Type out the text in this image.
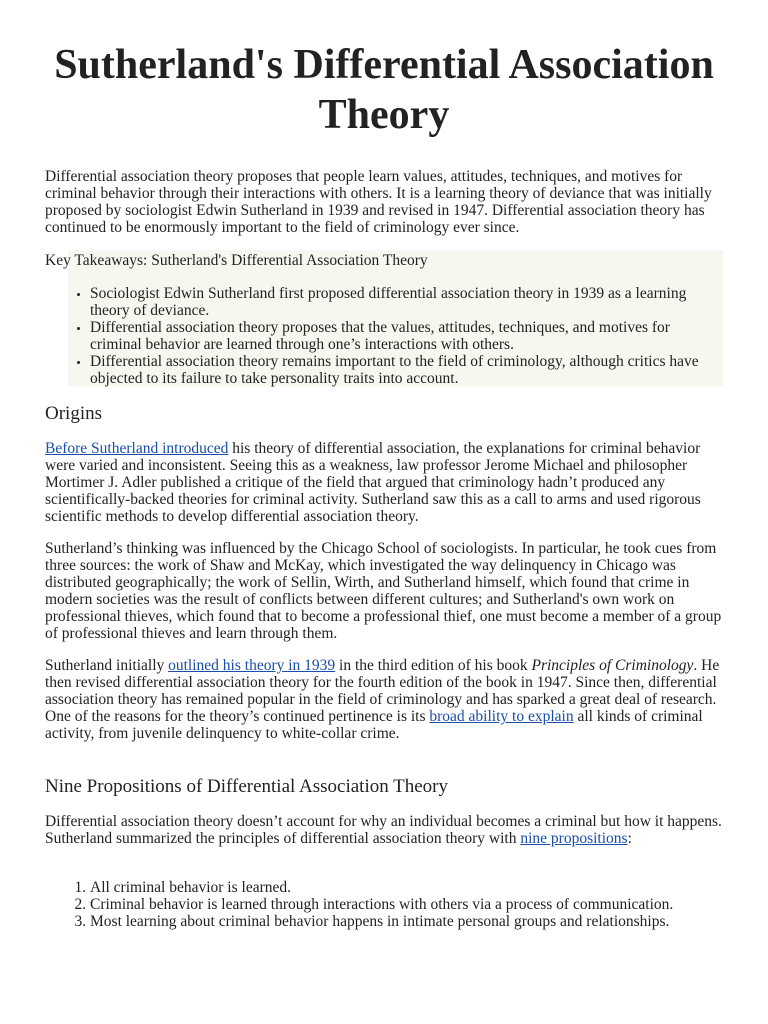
Sutherland's Differential Association Theory

Differential association theory proposes that people learn values, attitudes, techniques, and motives for criminal behavior through their interactions with others. It is a learning theory of deviance that was initially proposed by sociologist Edwin Sutherland in 1939 and revised in 1947. Differential association theory has continued to be enormously important to the field of criminology ever since.

Key Takeaways: Sutherland's Differential Association Theory
• Sociologist Edwin Sutherland first proposed differential association theory in 1939 as a learning theory of deviance.
• Differential association theory proposes that the values, attitudes, techniques, and motives for criminal behavior are learned through one’s interactions with others.
• Differential association theory remains important to the field of criminology, although critics have objected to its failure to take personality traits into account.
Origins

Before Sutherland introduced his theory of differential association, the explanations for criminal behavior were varied and inconsistent. Seeing this as a weakness, law professor Jerome Michael and philosopher Mortimer J. Adler published a critique of the field that argued that criminology hadn’t produced any scientifically-backed theories for criminal activity. Sutherland saw this as a call to arms and used rigorous scientific methods to develop differential association theory.

Sutherland’s thinking was influenced by the Chicago School of sociologists. In particular, he took cues from three sources: the work of Shaw and McKay, which investigated the way delinquency in Chicago was distributed geographically; the work of Sellin, Wirth, and Sutherland himself, which found that crime in modern societies was the result of conflicts between different cultures; and Sutherland's own work on professional thieves, which found that to become a professional thief, one must become a member of a group of professional thieves and learn through them.

Sutherland initially outlined his theory in 1939 in the third edition of his book Principles of Criminology. He then revised differential association theory for the fourth edition of the book in 1947. Since then, differential association theory has remained popular in the field of criminology and has sparked a great deal of research. One of the reasons for the theory’s continued pertinence is its broad ability to explain all kinds of criminal activity, from juvenile delinquency to white-collar crime.

Nine Propositions of Differential Association Theory

Differential association theory doesn’t account for why an individual becomes a criminal but how it happens. Sutherland summarized the principles of differential association theory with nine propositions:

1. All criminal behavior is learned.
2. Criminal behavior is learned through interactions with others via a process of communication.
3. Most learning about criminal behavior happens in intimate personal groups and relationships.
